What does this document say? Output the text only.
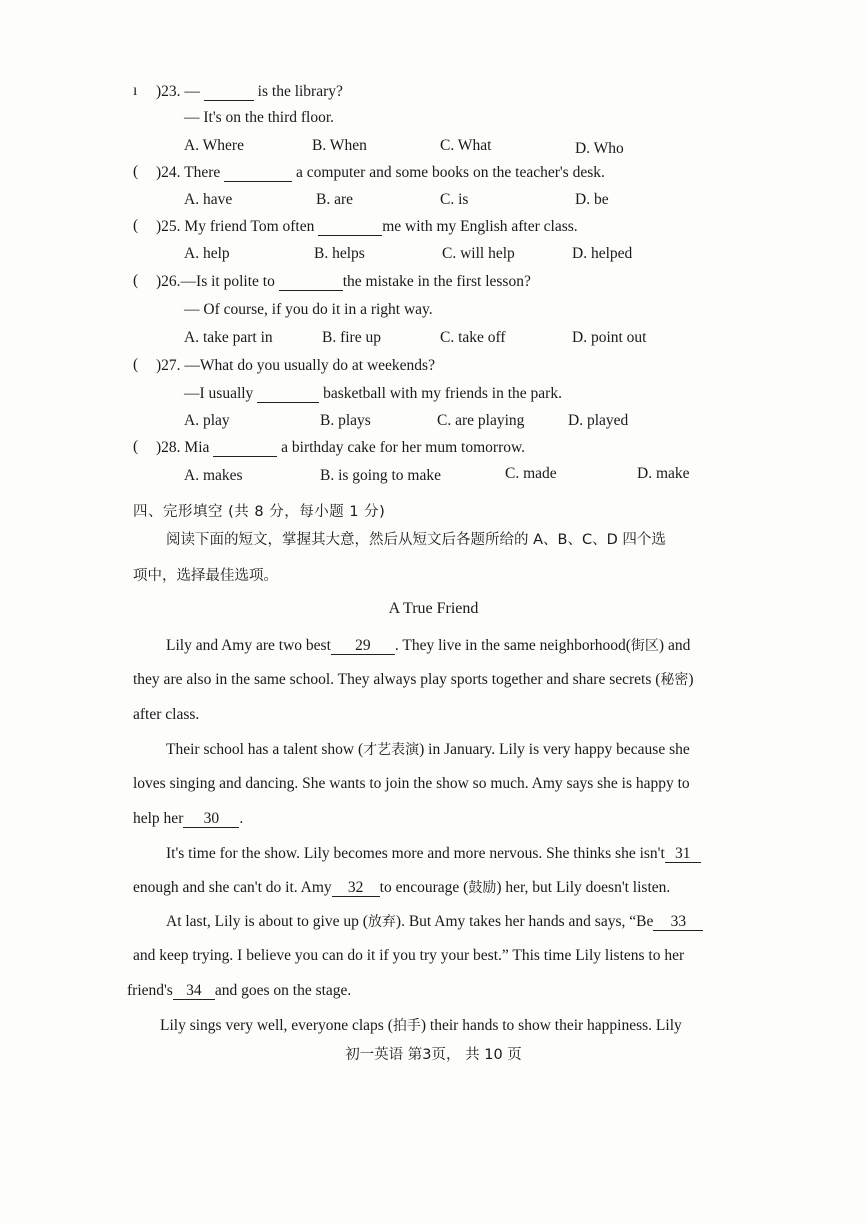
ı )23. —	is the library?
— It's on the third floor.
A. Where	B. When	C. What	D. Who
( )24. There	a computer and some books on the teacher's desk.
A. have	B. are	C. is	D. be
( )25. My friend Tom often	me with my English after class.
A. help	B. helps	C. will help	D. helped
( )26.—Is it polite to	the mistake in the first lesson?
— Of course, if you do it in a right way.
A. take part in	B. fire up	C. take off	D. point out
( )27. —What do you usually do at weekends?
—I usually	basketball with my friends in the park.
A. play	B. plays	C. are playing	D. played
( )28. Mia	a birthday cake for her mum tomorrow.
A. makes	B. is going to make	C. made	D. make
四、完形填空 (共 8 分，每小题 1 分)
阅读下面的短文，掌握其大意，然后从短文后各题所给的 A、B、C、D 四个选
项中，选择最佳选项。
A True Friend
Lily and Amy are two best 29 . They live in the same neighborhood(街区) and
they are also in the same school. They always play sports together and share secrets (秘密)
after class.
Their school has a talent show (才艺表演) in January. Lily is very happy because she
loves singing and dancing. She wants to join the show so much. Amy says she is happy to
help her 30 .
It's time for the show. Lily becomes more and more nervous. She thinks she isn't 31
enough and she can't do it. Amy 32 to encourage (鼓励) her, but Lily doesn't listen.
At last, Lily is about to give up (放弃). But Amy takes her hands and says, “Be 33
and keep trying. I believe you can do it if you try your best.” This time Lily listens to her
friend's 34 and goes on the stage.
Lily sings very well, everyone claps (拍手) their hands to show their happiness. Lily
初一英语 第3页， 共 10 页
